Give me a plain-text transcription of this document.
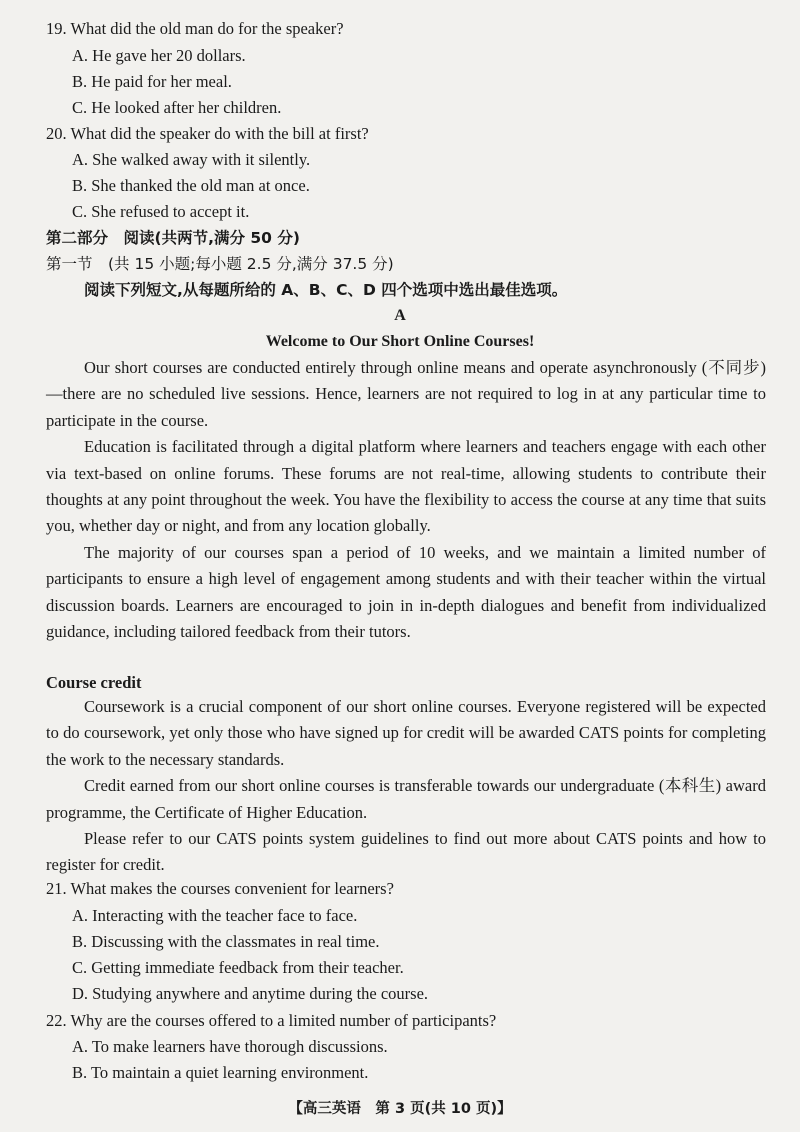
19. What did the old man do for the speaker?
A. He gave her 20 dollars.
B. He paid for her meal.
C. He looked after her children.
20. What did the speaker do with the bill at first?
A. She walked away with it silently.
B. She thanked the old man at once.
C. She refused to accept it.
第二部分　阅读(共两节,满分 50 分)
第一节　(共 15 小题;每小题 2.5 分,满分 37.5 分)
阅读下列短文,从每题所给的 A、B、C、D 四个选项中选出最佳选项。
A
Welcome to Our Short Online Courses!

Our short courses are conducted entirely through online means and operate asynchronously (不同步)—there are no scheduled live sessions. Hence, learners are not required to log in at any particular time to participate in the course.

Education is facilitated through a digital platform where learners and teachers engage with each other via text-based on online forums. These forums are not real-time, allowing students to contribute their thoughts at any point throughout the week. You have the flexibility to access the course at any time that suits you, whether day or night, and from any location globally.

The majority of our courses span a period of 10 weeks, and we maintain a limited number of participants to ensure a high level of engagement among students and with their teacher within the virtual discussion boards. Learners are encouraged to join in in-depth dialogues and benefit from individualized guidance, including tailored feedback from their tutors.

Course credit

Coursework is a crucial component of our short online courses. Everyone registered will be expected to do coursework, yet only those who have signed up for credit will be awarded CATS points for completing the work to the necessary standards.

Credit earned from our short online courses is transferable towards our undergraduate (本科生) award programme, the Certificate of Higher Education.

Please refer to our CATS points system guidelines to find out more about CATS points and how to register for credit.

21. What makes the courses convenient for learners?
A. Interacting with the teacher face to face.
B. Discussing with the classmates in real time.
C. Getting immediate feedback from their teacher.
D. Studying anywhere and anytime during the course.
22. Why are the courses offered to a limited number of participants?
A. To make learners have thorough discussions.
B. To maintain a quiet learning environment.
【高三英语　第 3 页(共 10 页)】
